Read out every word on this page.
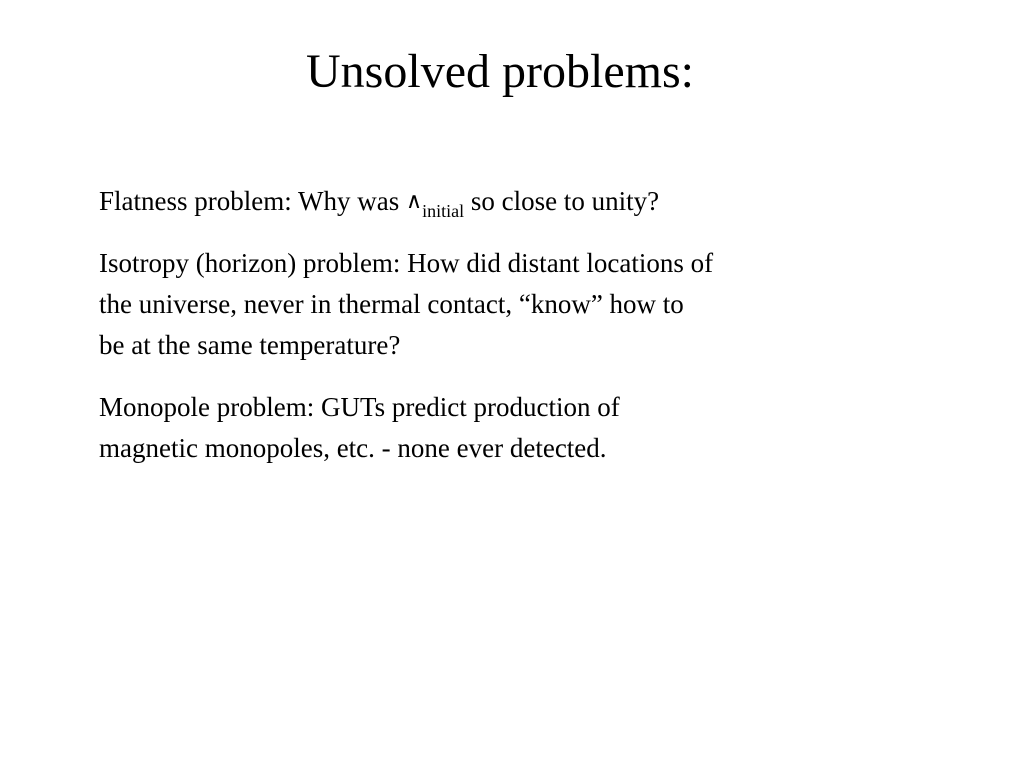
Unsolved problems:

Flatness problem: Why was $\wedge_{initial}$ so close to unity?

Isotropy (horizon) problem: How did distant locations of
the universe, never in thermal contact, “know” how to
be at the same temperature?

Monopole problem: GUTs predict production of
magnetic monopoles, etc. - none ever detected.
